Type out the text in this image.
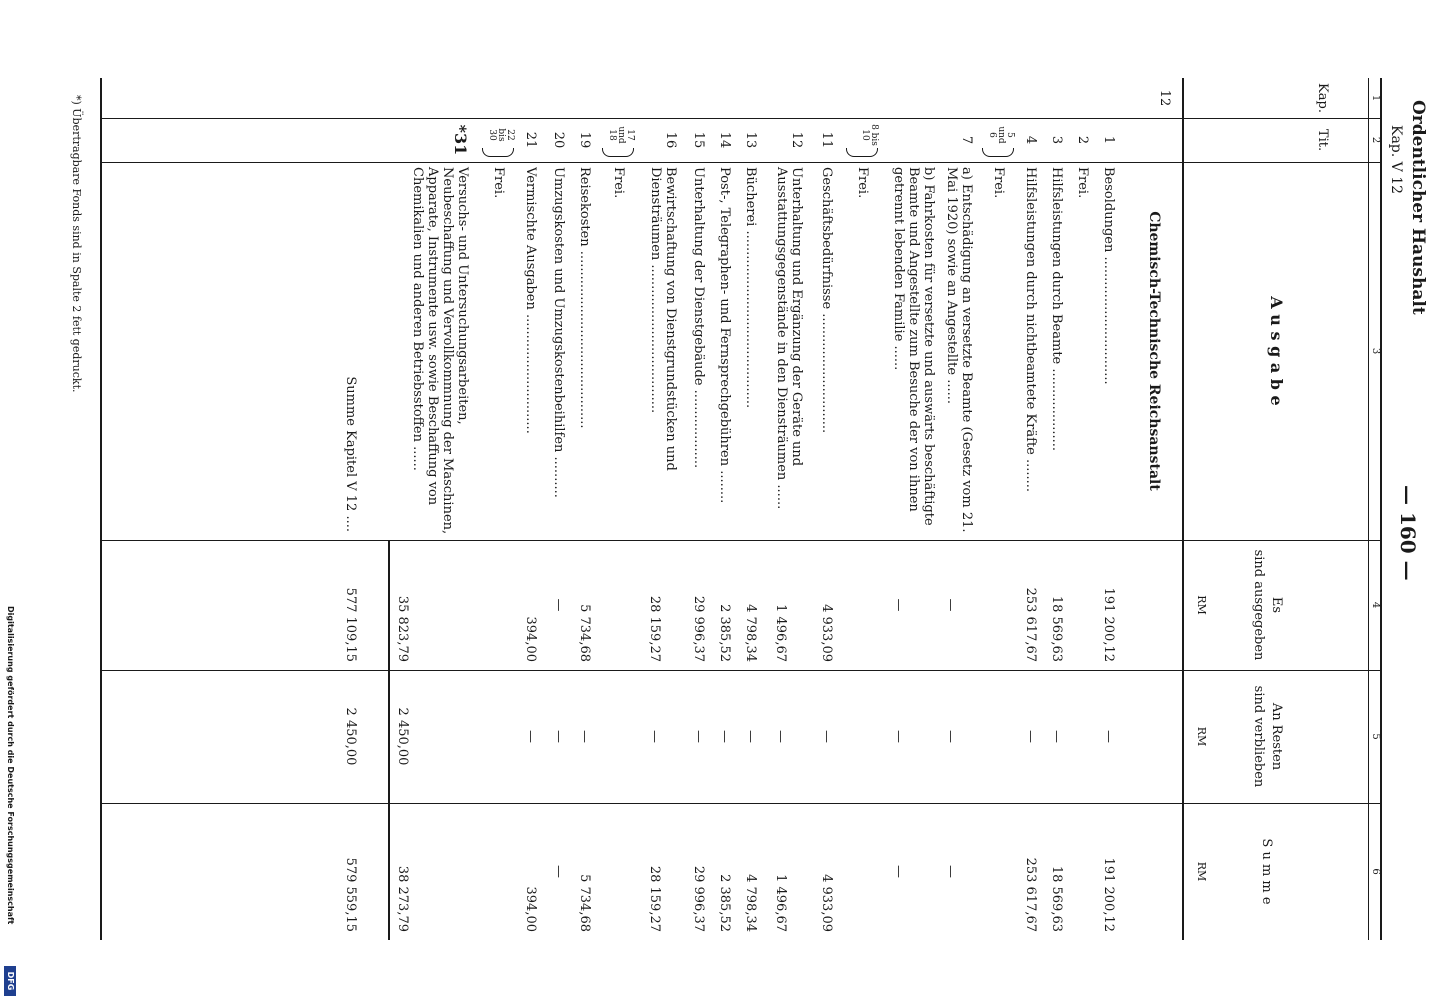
Ordentlicher Haushalt
Kap. V 12
— 160 —
1
2
3
4
5
6
Kap.
Tit.
A u s g a b e
Es
sind ausgegeben
RM
An Resten
sind verblieben
RM
S u m m e
RM
12
Chemisch-Technische Reichsanstalt
1
Besoldungen ...............................
191 200,12
—
191 200,12
2
Frei.
3
Hilfsleistungen durch Beamte ....................
18 569,63
—
18 569,63
4
Hilfsleistungen durch nichtbeamtete Kräfte ........
253 617,67
—
253 617,67
5 und 6
Frei.
7
a) Entschädigung an versetzte Beamte (Gesetz vom 21. Mai 1920) sowie an Angestellte ......
—
—
—
b) Fahrkosten für versetzte und auswärts beschäftigte Beamte und Angestellte zum Besuche der von ihnen getrennt lebenden Familie ......
—
—
—
8 bis 10
Frei.
11
Geschäftsbedürfnisse .............................
4 933,09
—
4 933,09
12
Unterhaltung und Ergänzung der Geräte und Ausstattungsgegenstände in den Diensträumen ......
1 496,67
—
1 496,67
13
Bücherei ...........................................
4 798,34
—
4 798,34
14
Post-, Telegraphen- und Fernsprechgebühren ........
2 385,52
—
2 385,52
15
Unterhaltung der Dienstgebäude ...................
29 996,37
—
29 996,37
16
Bewirtschaftung von Dienstgrundstücken und Diensträumen ....................................
28 159,27
—
28 159,27
17 und 18
Frei.
19
Reisekosten ...........................................
5 734,68
—
5 734,68
20
Umzugskosten und Umzugskostenbeihilfen ..........
—
—
—
21
Vermischte Ausgaben .............................
394,00
—
394,00
22 bis 30
Frei.
*31
Versuchs- und Untersuchungsarbeiten, Neubeschaffung und Vervollkommnung der Maschinen, Apparate, Instrumente usw. sowie Beschaffung von Chemikalien und anderen Betriebsstoffen ......
35 823,79
2 450,00
38 273,79
Summe Kapitel V 12 ....
577 109,15
2 450,00
579 559,15
*) Übertragbare Fonds sind in Spalte 2 fett gedruckt.
DFG
Digitalisierung gefördert durch die Deutsche Forschungsgemeinschaft
